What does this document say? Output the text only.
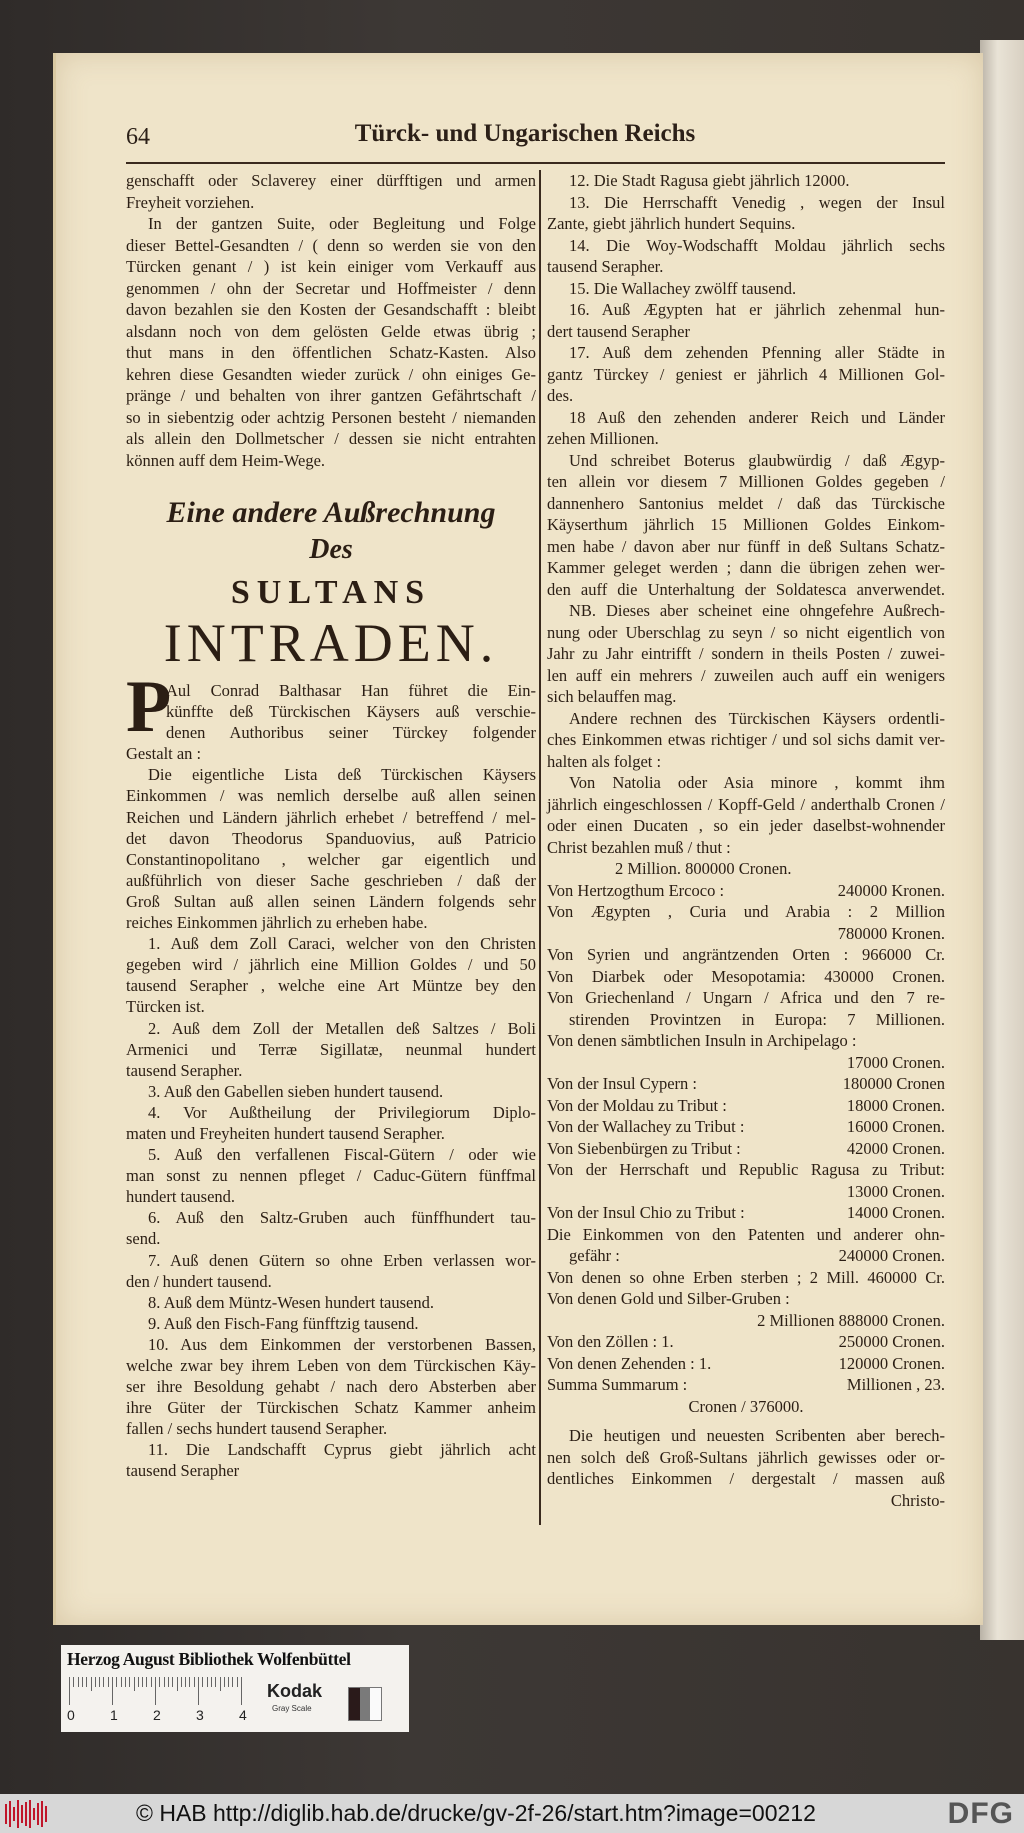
64	Türck- und Ungarischen Reichs
genschafft oder Sclaverey einer dürfftigen und armen
Freyheit vorziehen.
In der gantzen Suite, oder Begleitung und Folge
dieser Bettel-Gesandten / ( denn so werden sie von den
Türcken genant / ) ist kein einiger vom Verkauff aus
genommen / ohn der Secretar und Hoffmeister / denn
davon bezahlen sie den Kosten der Gesandschafft : bleibt
alsdann noch von dem gelösten Gelde etwas übrig ;
thut mans in den öffentlichen Schatz-Kasten. Also
kehren diese Gesandten wieder zurück / ohn einiges Ge-
pränge / und behalten von ihrer gantzen Gefährtschaft /
so in siebentzig oder achtzig Personen besteht / niemanden
als allein den Dollmetscher / dessen sie nicht entrahten
können auff dem Heim-Wege.
Eine andere Außrechnung
Des
SULTANS
INTRADEN.
P
Aul Conrad Balthasar Han führet die Ein-
künffte deß Türckischen Käysers auß verschie-
denen Authoribus seiner Türckey folgender
Gestalt an :
Die eigentliche Lista deß Türckischen Käysers
Einkommen / was nemlich derselbe auß allen seinen
Reichen und Ländern jährlich erhebet / betreffend / mel-
det davon Theodorus Spanduovius, auß Patricio
Constantinopolitano , welcher gar eigentlich und
außführlich von dieser Sache geschrieben / daß der
Groß Sultan auß allen seinen Ländern folgends sehr
reiches Einkommen jährlich zu erheben habe.
1. Auß dem Zoll Caraci, welcher von den Christen
gegeben wird / jährlich eine Million Goldes / und 50
tausend Serapher , welche eine Art Müntze bey den
Türcken ist.
2. Auß dem Zoll der Metallen deß Saltzes / Boli
Armenici und Terræ Sigillatæ, neunmal hundert
tausend Serapher.
3. Auß den Gabellen sieben hundert tausend.
4. Vor Außtheilung der Privilegiorum Diplo-
maten und Freyheiten hundert tausend Serapher.
5. Auß den verfallenen Fiscal-Gütern / oder wie
man sonst zu nennen pfleget / Caduc-Gütern fünffmal
hundert tausend.
6. Auß den Saltz-Gruben auch fünffhundert tau-
send.
7. Auß denen Gütern so ohne Erben verlassen wor-
den / hundert tausend.
8. Auß dem Müntz-Wesen hundert tausend.
9. Auß den Fisch-Fang fünfftzig tausend.
10. Aus dem Einkommen der verstorbenen Bassen,
welche zwar bey ihrem Leben von dem Türckischen Käy-
ser ihre Besoldung gehabt / nach dero Absterben aber
ihre Güter der Türckischen Schatz Kammer anheim
fallen / sechs hundert tausend Serapher.
11. Die Landschafft Cyprus giebt jährlich acht
tausend Serapher
12. Die Stadt Ragusa giebt jährlich 12000.
13. Die Herrschafft Venedig , wegen der Insul
Zante, giebt jährlich hundert Sequins.
14. Die Woy-Wodschafft Moldau jährlich sechs
tausend Serapher.
15. Die Wallachey zwölff tausend.
16. Auß Ægypten hat er jährlich zehenmal hun-
dert tausend Serapher
17. Auß dem zehenden Pfenning aller Städte in
gantz Türckey / geniest er jährlich 4 Millionen Gol-
des.
18 Auß den zehenden anderer Reich und Länder
zehen Millionen.
Und schreibet Boterus glaubwürdig / daß Ægyp-
ten allein vor diesem 7 Millionen Goldes gegeben /
dannenhero Santonius meldet / daß das Türckische
Käyserthum jährlich 15 Millionen Goldes Einkom-
men habe / davon aber nur fünff in deß Sultans Schatz-
Kammer geleget werden ; dann die übrigen zehen wer-
den auff die Unterhaltung der Soldatesca anverwendet.
NB. Dieses aber scheinet eine ohngefehre Außrech-
nung oder Uberschlag zu seyn / so nicht eigentlich von
Jahr zu Jahr eintrifft / sondern in theils Posten / zuwei-
len auff ein mehrers / zuweilen auch auff ein wenigers
sich belauffen mag.
Andere rechnen des Türckischen Käysers ordentli-
ches Einkommen etwas richtiger / und sol sichs damit ver-
halten als folget :
Von Natolia oder Asia minore , kommt ihm
jährlich eingeschlossen / Kopff-Geld / anderthalb Cronen /
oder einen Ducaten , so ein jeder daselbst-wohnender
Christ bezahlen muß / thut :
2 Million. 800000 Cronen.
Von Hertzogthum Ercoco :	240000 Kronen.
Von Ægypten , Curia und Arabia : 2 Million
780000 Kronen.
Von Syrien und angräntzenden Orten : 966000 Cr.
Von Diarbek oder Mesopotamia: 430000 Cronen.
Von Griechenland / Ungarn / Africa und den 7 re-
stirenden Provintzen in Europa: 7 Millionen.
Von denen sämbtlichen Insuln in Archipelago :
17000 Cronen.
Von der Insul Cypern :	180000 Cronen
Von der Moldau zu Tribut :	18000 Cronen.
Von der Wallachey zu Tribut :	16000 Cronen.
Von Siebenbürgen zu Tribut :	42000 Cronen.
Von der Herrschaft und Republic Ragusa zu Tribut:
13000 Cronen.
Von der Insul Chio zu Tribut :	14000 Cronen.
Die Einkommen von den Patenten und anderer ohn-
gefähr :	240000 Cronen.
Von denen so ohne Erben sterben ; 2 Mill. 460000 Cr.
Von denen Gold und Silber-Gruben :
2 Millionen 888000 Cronen.
Von den Zöllen : 1.	250000 Cronen.
Von denen Zehenden : 1.	120000 Cronen.
Summa Summarum :	Millionen , 23.
Cronen / 376000.
Die heutigen und neuesten Scribenten aber berech-
nen solch deß Groß-Sultans jährlich gewisses oder or-
dentliches Einkommen / dergestalt / massen auß
Christo-
Herzog August Bibliothek Wolfenbüttel
0	1	2	3	4
Kodak
Gray Scale
© HAB http://diglib.hab.de/drucke/gv-2f-26/start.htm?image=00212	DFG
